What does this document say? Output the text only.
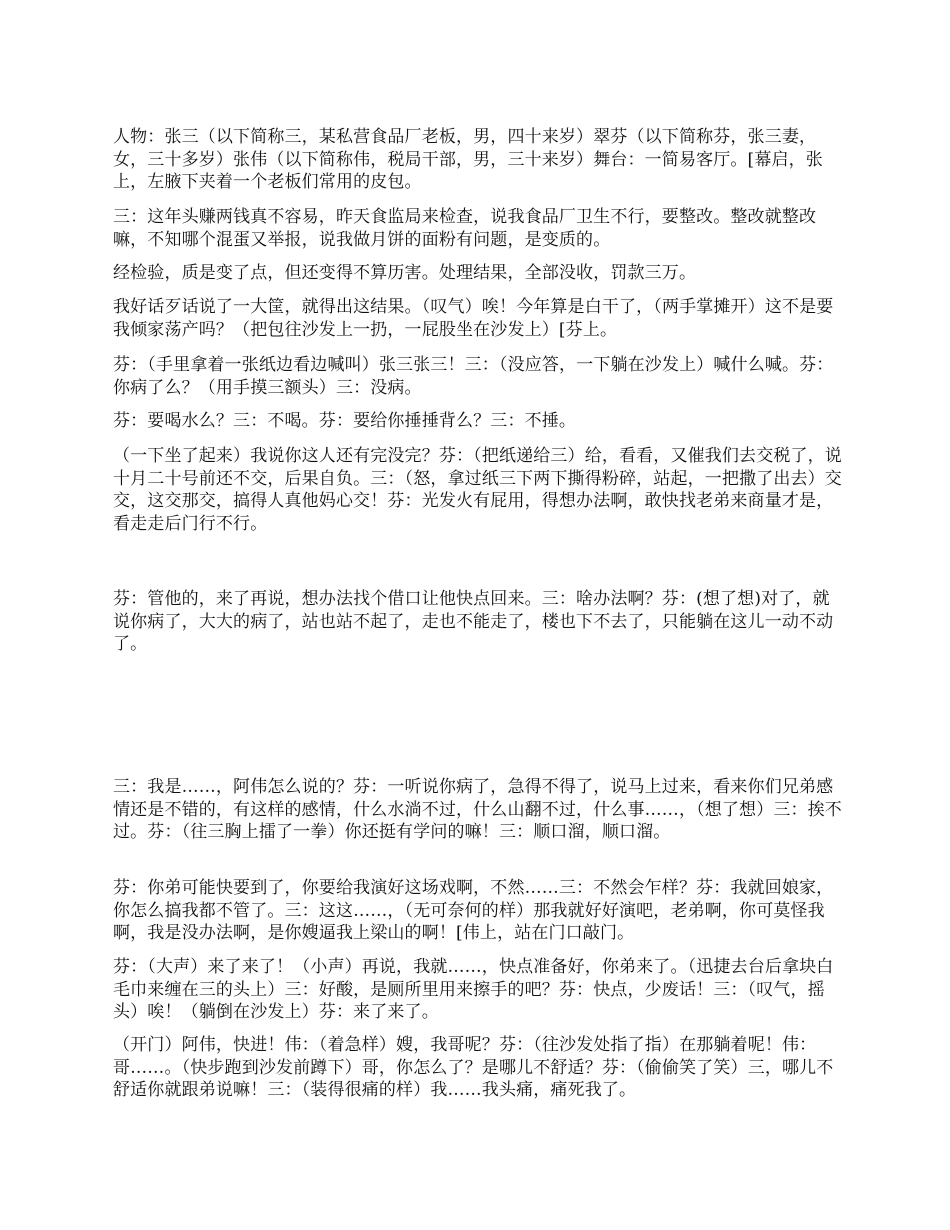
人物：张三（以下简称三，某私营食品厂老板，男，四十来岁）翠芬（以下简称芬，张三妻，女，三十多岁）张伟（以下简称伟，税局干部，男，三十来岁）舞台：一简易客厅。[幕启，张上，左腋下夹着一个老板们常用的皮包。

三：这年头赚两钱真不容易，昨天食监局来检查，说我食品厂卫生不行，要整改。整改就整改嘛，不知哪个混蛋又举报，说我做月饼的面粉有问题，是变质的。

经检验，质是变了点，但还变得不算历害。处理结果，全部没收，罚款三万。

我好话歹话说了一大筐，就得出这结果。（叹气）唉！今年算是白干了，（两手掌摊开）这不是要我倾家荡产吗？（把包往沙发上一扔，一屁股坐在沙发上）[芬上。

芬：（手里拿着一张纸边看边喊叫）张三张三！三：（没应答，一下躺在沙发上）喊什么喊。芬：你病了么？（用手摸三额头）三：没病。

芬：要喝水么？三：不喝。芬：要给你捶捶背么？三：不捶。

（一下坐了起来）我说你这人还有完没完？芬：（把纸递给三）给，看看，又催我们去交税了，说十月二十号前还不交，后果自负。三：（怒，拿过纸三下两下撕得粉碎，站起，一把撒了出去）交交，这交那交，搞得人真他妈心交！芬：光发火有屁用，得想办法啊，敢快找老弟来商量才是，看走走后门行不行。

芬：管他的，来了再说，想办法找个借口让他快点回来。三：啥办法啊？芬：(想了想)对了，就说你病了，大大的病了，站也站不起了，走也不能走了，楼也下不去了，只能躺在这儿一动不动了。

三：我是……，阿伟怎么说的？芬：一听说你病了，急得不得了，说马上过来，看来你们兄弟感情还是不错的，有这样的感情，什么水淌不过，什么山翻不过，什么事……，（想了想）三：挨不过。芬：（往三胸上擂了一拳）你还挺有学问的嘛！三：顺口溜，顺口溜。

芬：你弟可能快要到了，你要给我演好这场戏啊，不然……三：不然会乍样？芬：我就回娘家，你怎么搞我都不管了。三：这这……，（无可奈何的样）那我就好好演吧，老弟啊，你可莫怪我啊，我是没办法啊，是你嫂逼我上梁山的啊！[伟上，站在门口敲门。

芬：（大声）来了来了！（小声）再说，我就……，快点准备好，你弟来了。（迅捷去台后拿块白毛巾来缠在三的头上）三：好酸，是厕所里用来擦手的吧？芬：快点，少废话！三：（叹气，摇头）唉！（躺倒在沙发上）芬：来了来了。

（开门）阿伟，快进！伟：（着急样）嫂，我哥呢？芬：（往沙发处指了指）在那躺着呢！伟：哥……。（快步跑到沙发前蹲下）哥，你怎么了？是哪儿不舒适？芬：（偷偷笑了笑）三，哪儿不舒适你就跟弟说嘛！三：（装得很痛的样）我……我头痛，痛死我了。
